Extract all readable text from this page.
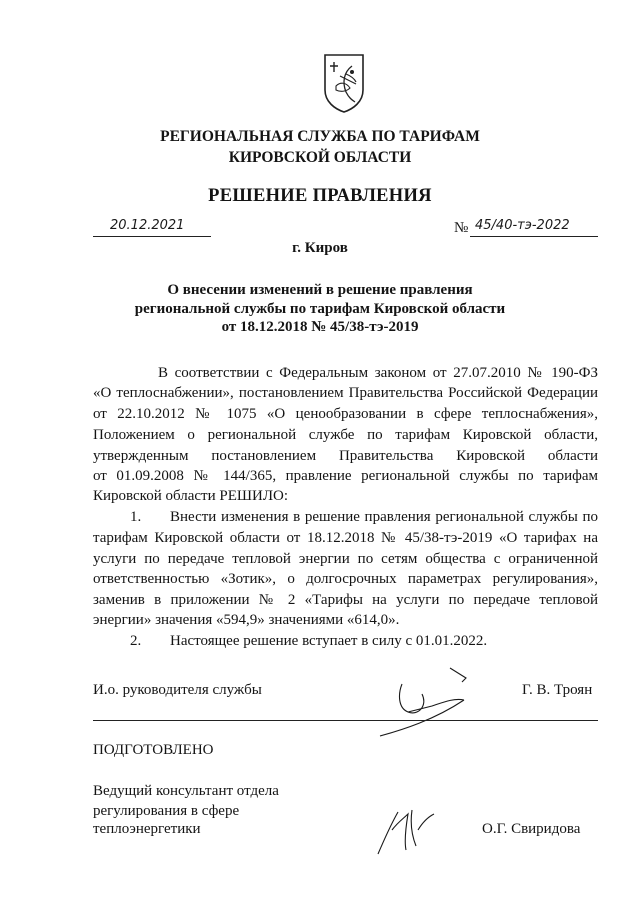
РЕГИОНАЛЬНАЯ СЛУЖБА ПО ТАРИФАМ
КИРОВСКОЙ ОБЛАСТИ
РЕШЕНИЕ ПРАВЛЕНИЯ
20.12.2021	№ 45/40-тэ-2022
г. Киров
О внесении изменений в решение правления
региональной службы по тарифам Кировской области
от 18.12.2018 № 45/38-тэ-2019
В соответствии с Федеральным законом от 27.07.2010 № 190-ФЗ
«О теплоснабжении», постановлением Правительства Российской Федерации
от 22.10.2012 № 1075 «О ценообразовании в сфере теплоснабжения»,
Положением о региональной службе по тарифам Кировской области,
утвержденным постановлением Правительства Кировской области
от 01.09.2008 № 144/365, правление региональной службы по тарифам
Кировской области РЕШИЛО:
1. Внести изменения в решение правления региональной службы по
тарифам Кировской области от 18.12.2018 № 45/38-тэ-2019 «О тарифах на
услуги по передаче тепловой энергии по сетям общества с ограниченной
ответственностью «Зотик», о долгосрочных параметрах регулирования»,
заменив в приложении № 2 «Тарифы на услуги по передаче тепловой
энергии» значения «594,9» значениями «614,0».
2. Настоящее решение вступает в силу с 01.01.2022.
И.о. руководителя службы	Г. В. Троян
ПОДГОТОВЛЕНО
Ведущий консультант отдела
регулирования в сфере
теплоэнергетики	О.Г. Свиридова
